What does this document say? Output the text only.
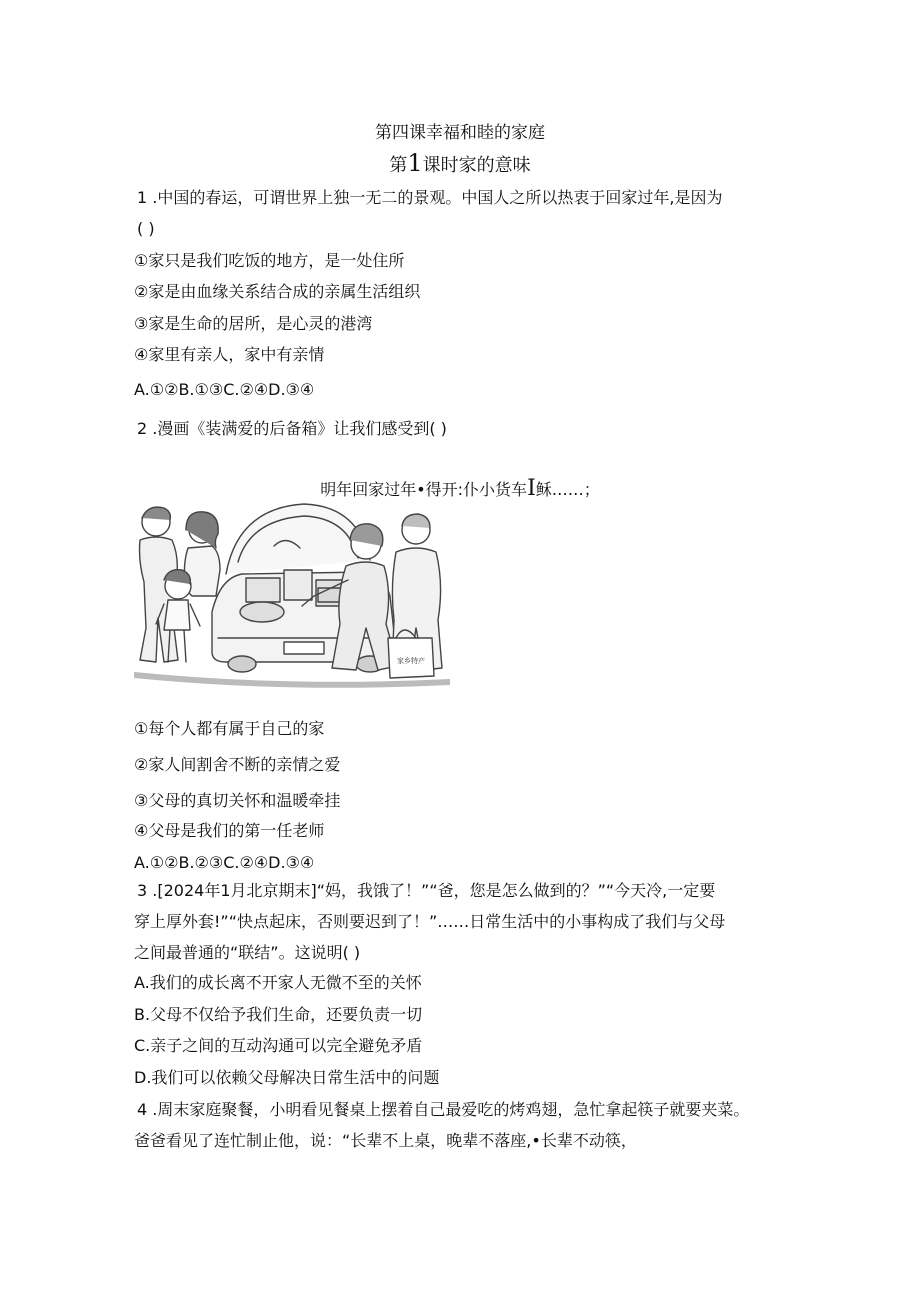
第四课幸福和睦的家庭
第1课时家的意味
1 .中国的春运，可谓世界上独一无二的景观。中国人之所以热衷于回家过年,是因为
( )
①家只是我们吃饭的地方，是一处住所
②家是由血缘关系结合成的亲属生活组织
③家是生命的居所，是心灵的港湾
④家里有亲人，家中有亲情
A.①②B.①③C.②④D.③④
2 .漫画《装满爱的后备箱》让我们感受到( )
明年回家过年•得开:仆小货车I稣……；
家乡特产
①每个人都有属于自己的家
②家人间割舍不断的亲情之爱
③父母的真切关怀和温暖牵挂
④父母是我们的第一任老师
A.①②B.②③C.②④D.③④
3 .[2024年1月北京期末]“妈，我饿了！”“爸，您是怎么做到的？”“今天冷,一定要
穿上厚外套!”“快点起床，否则要迟到了！”……日常生活中的小事构成了我们与父母
之间最普通的“联结”。这说明( )
A.我们的成长离不开家人无微不至的关怀
B.父母不仅给予我们生命，还要负责一切
C.亲子之间的互动沟通可以完全避免矛盾
D.我们可以依赖父母解决日常生活中的问题
4 .周末家庭聚餐，小明看见餐桌上摆着自己最爱吃的烤鸡翅，急忙拿起筷子就要夹菜。
爸爸看见了连忙制止他，说：“长辈不上桌，晚辈不落座,•长辈不动筷，
